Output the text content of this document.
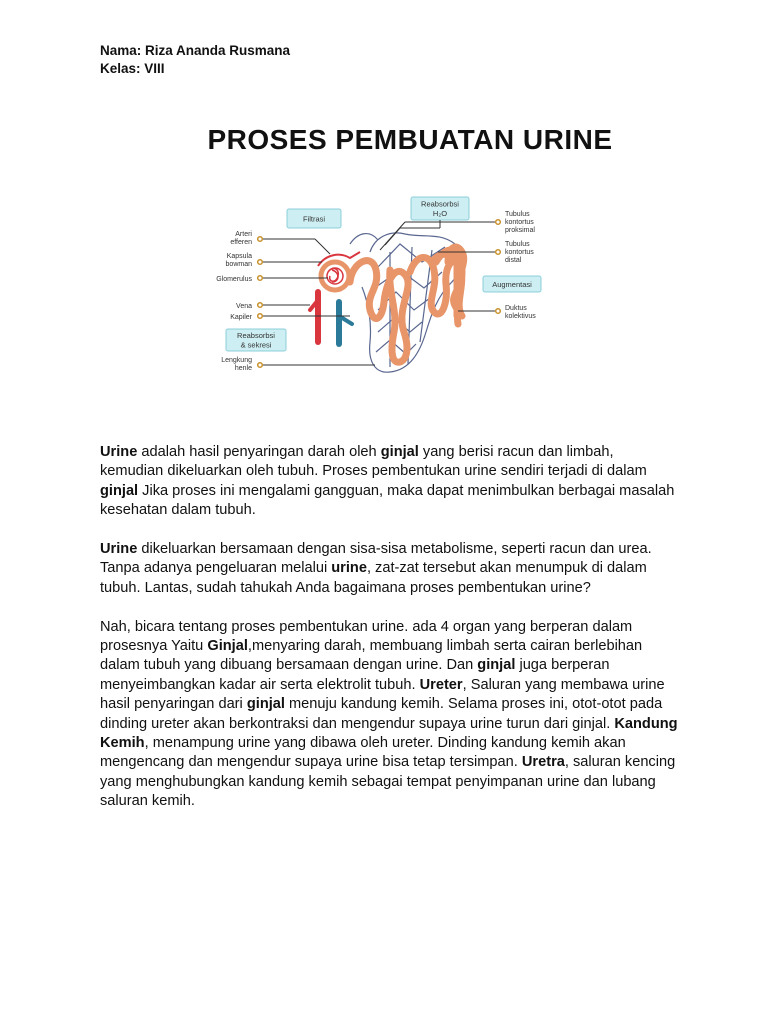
Nama: Riza Ananda Rusmana
Kelas: VIII
PROSES PEMBUATAN URINE
Filtrasi
Reabsorbsi
H₂O
Augmentasi
Reabsorbsi
& sekresi
Arteri
efferen
Kapsula
bowman
Glomerulus
Vena
Kapiler
Lengkung
henle
Tubulus
kontortus
proksimal
Tubulus
kontortus
distal
Duktus
kolektivus

Urine adalah hasil penyaringan darah oleh ginjal yang berisi racun dan limbah, kemudian dikeluarkan oleh tubuh. Proses pembentukan urine sendiri terjadi di dalam ginjal Jika proses ini mengalami gangguan, maka dapat menimbulkan berbagai masalah kesehatan dalam tubuh.

Urine dikeluarkan bersamaan dengan sisa-sisa metabolisme, seperti racun dan urea. Tanpa adanya pengeluaran melalui urine, zat-zat tersebut akan menumpuk di dalam tubuh. Lantas, sudah tahukah Anda bagaimana proses pembentukan urine?

Nah, bicara tentang proses pembentukan urine. ada 4 organ yang berperan dalam prosesnya Yaitu Ginjal,menyaring darah, membuang limbah serta cairan berlebihan dalam tubuh yang dibuang bersamaan dengan urine. Dan ginjal juga berperan menyeimbangkan kadar air serta elektrolit tubuh. Ureter, Saluran yang membawa urine hasil penyaringan dari ginjal menuju kandung kemih. Selama proses ini, otot-otot pada dinding ureter akan berkontraksi dan mengendur supaya urine turun dari ginjal. Kandung Kemih, menampung urine yang dibawa oleh ureter. Dinding kandung kemih akan mengencang dan mengendur supaya urine bisa tetap tersimpan. Uretra, saluran kencing yang menghubungkan kandung kemih sebagai tempat penyimpanan urine dan lubang saluran kemih.
